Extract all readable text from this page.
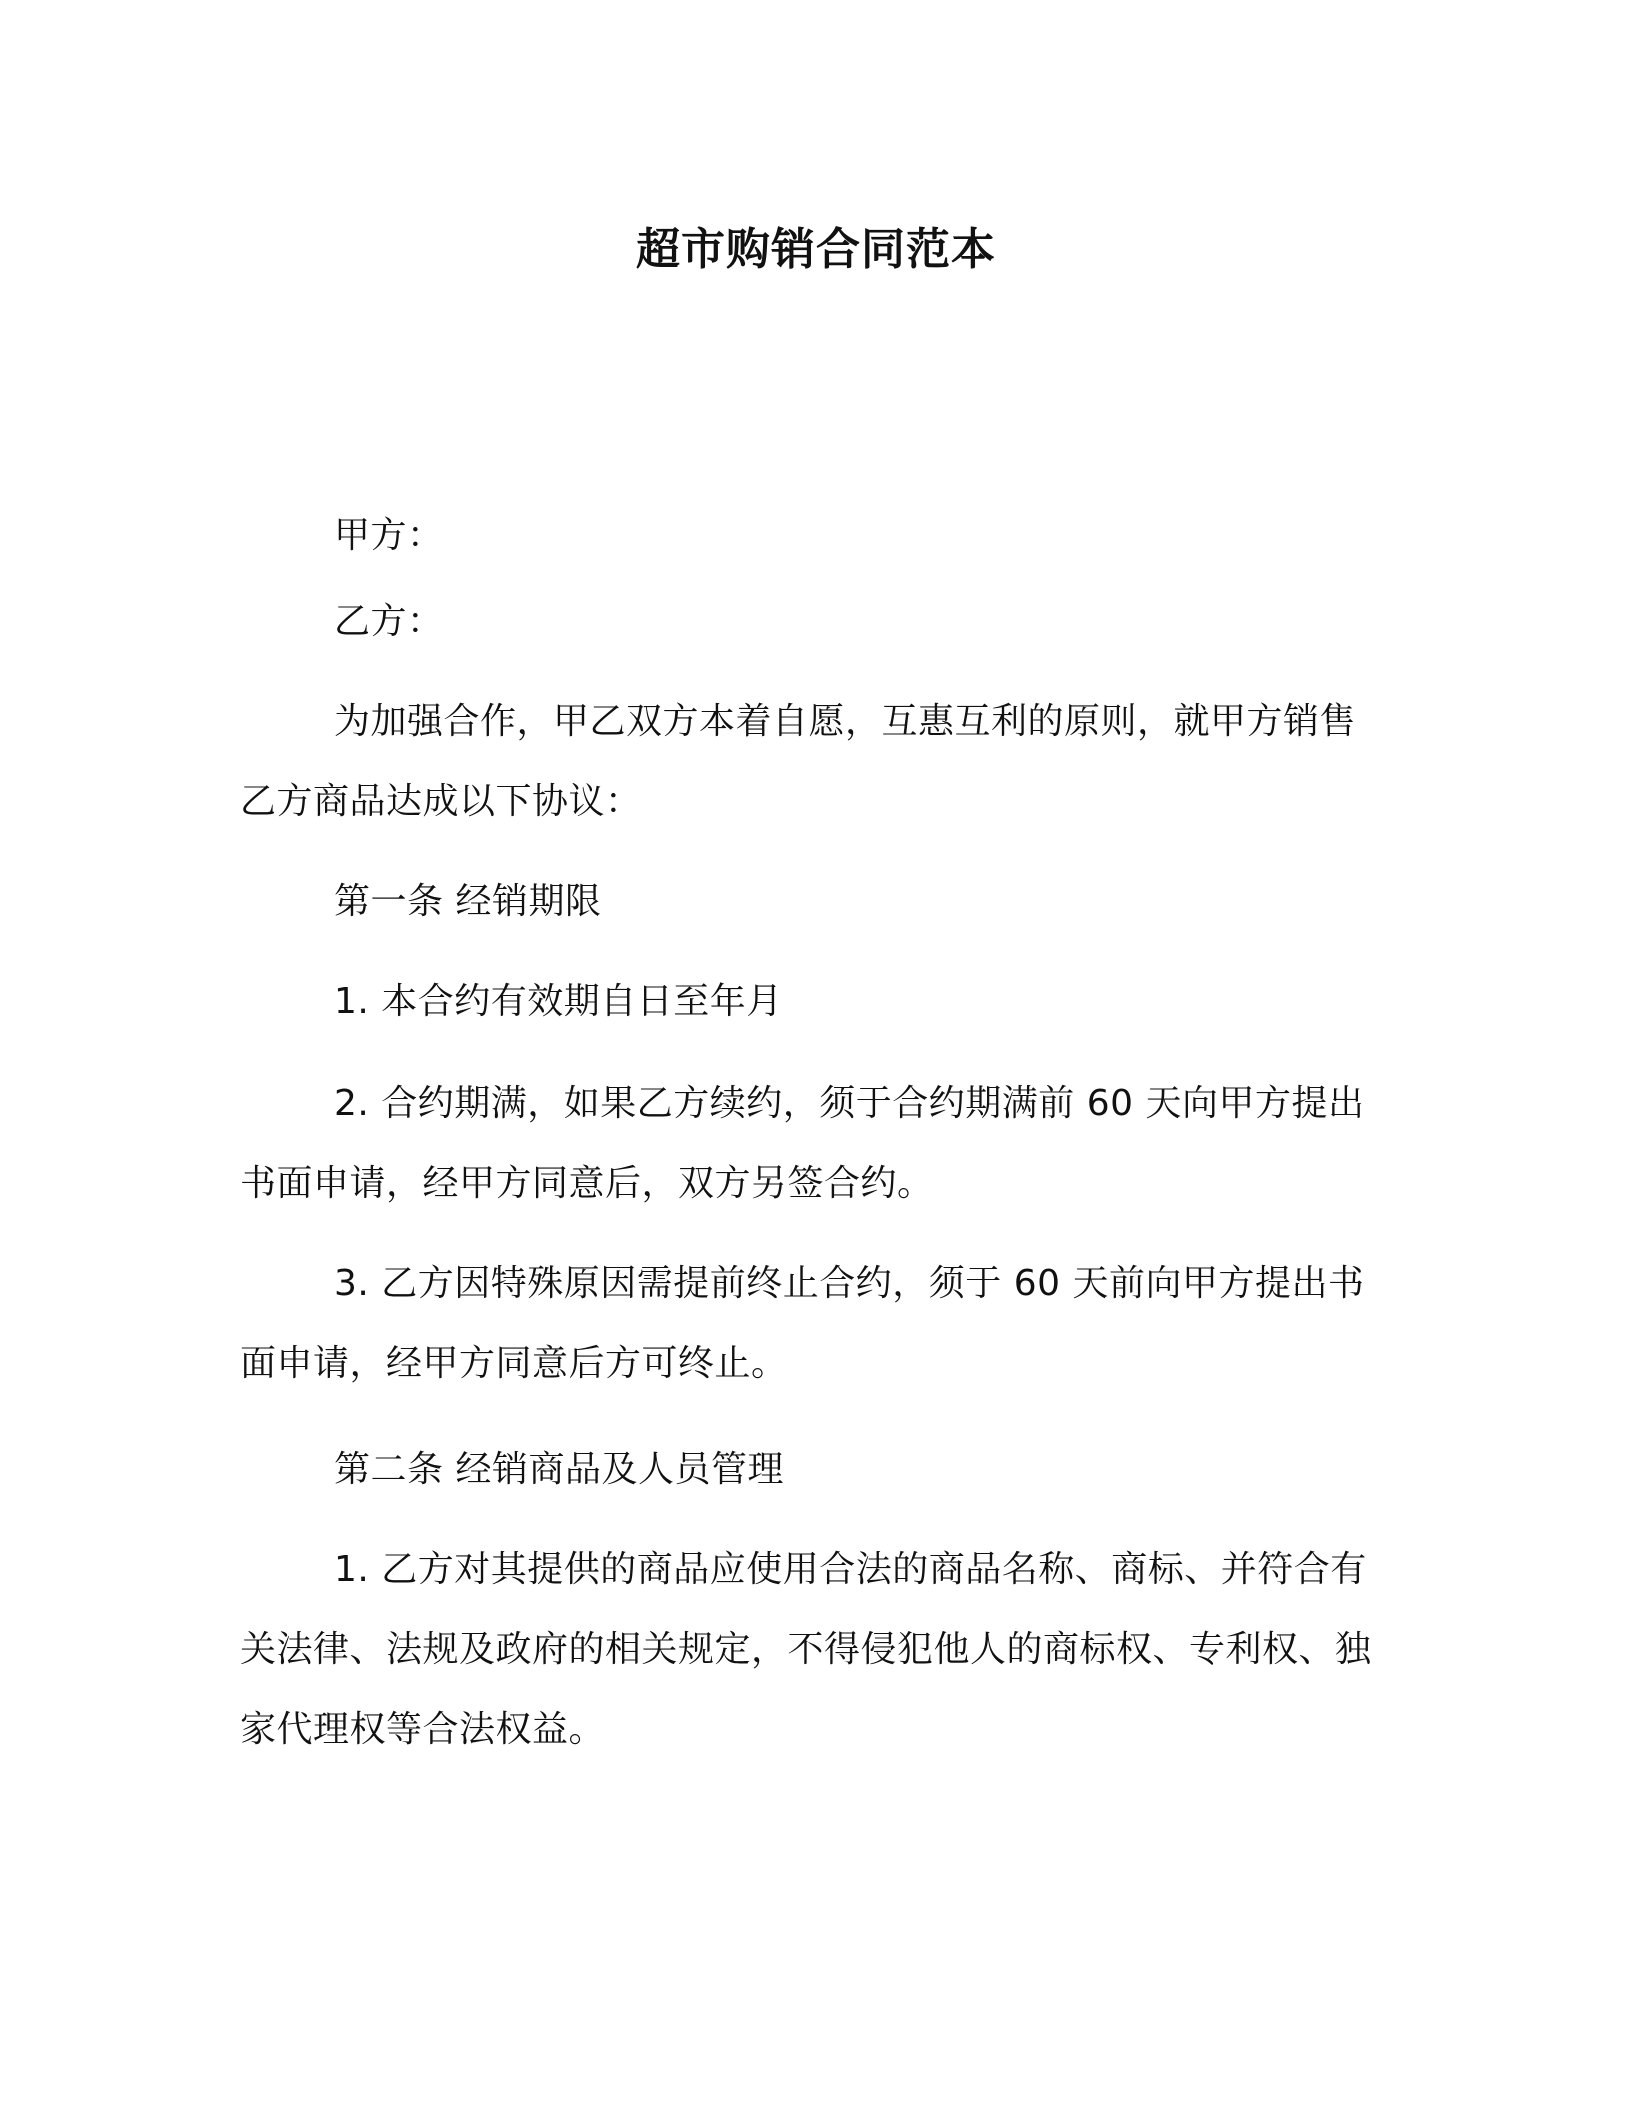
超市购销合同范本

甲方：

乙方：

为加强合作，甲乙双方本着自愿，互惠互利的原则，就甲方销售乙方商品达成以下协议：

第一条 经销期限

1. 本合约有效期自日至年月

2. 合约期满，如果乙方续约，须于合约期满前 60 天向甲方提出书面申请，经甲方同意后，双方另签合约。

3. 乙方因特殊原因需提前终止合约，须于 60 天前向甲方提出书面申请，经甲方同意后方可终止。

第二条 经销商品及人员管理

1. 乙方对其提供的商品应使用合法的商品名称、商标、并符合有关法律、法规及政府的相关规定，不得侵犯他人的商标权、专利权、独家代理权等合法权益。
